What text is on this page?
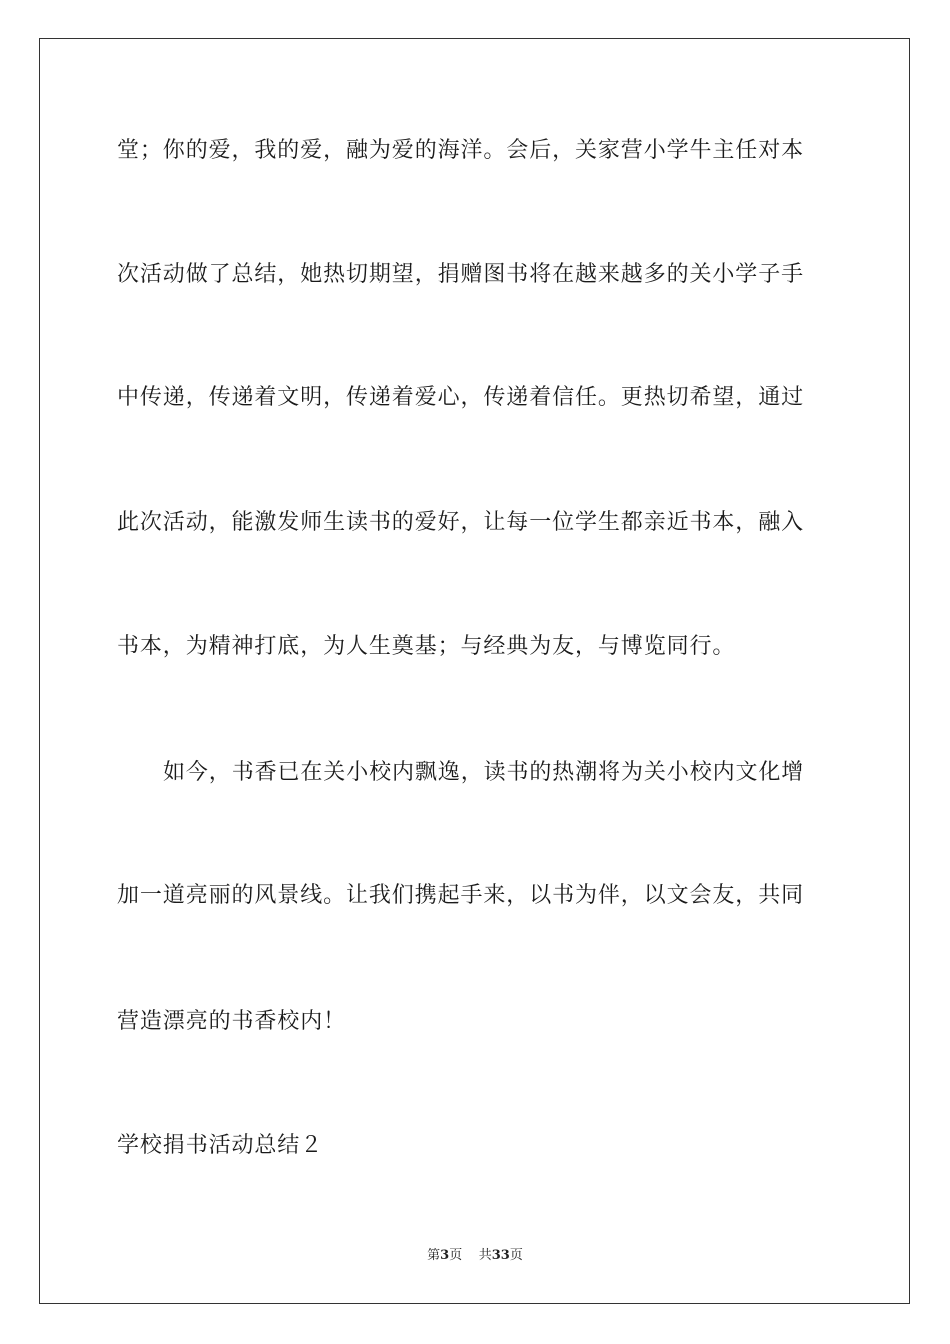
堂；你的爱，我的爱，融为爱的海洋。会后，关家营小学牛主任对本
次活动做了总结，她热切期望，捐赠图书将在越来越多的关小学子手
中传递，传递着文明，传递着爱心，传递着信任。更热切希望，通过
此次活动，能激发师生读书的爱好，让每一位学生都亲近书本，融入
书本，为精神打底，为人生奠基；与经典为友，与博览同行。
如今，书香已在关小校内飘逸，读书的热潮将为关小校内文化增
加一道亮丽的风景线。让我们携起手来，以书为伴，以文会友，共同
营造漂亮的书香校内！
学校捐书活动总结２
第3页 共33页
